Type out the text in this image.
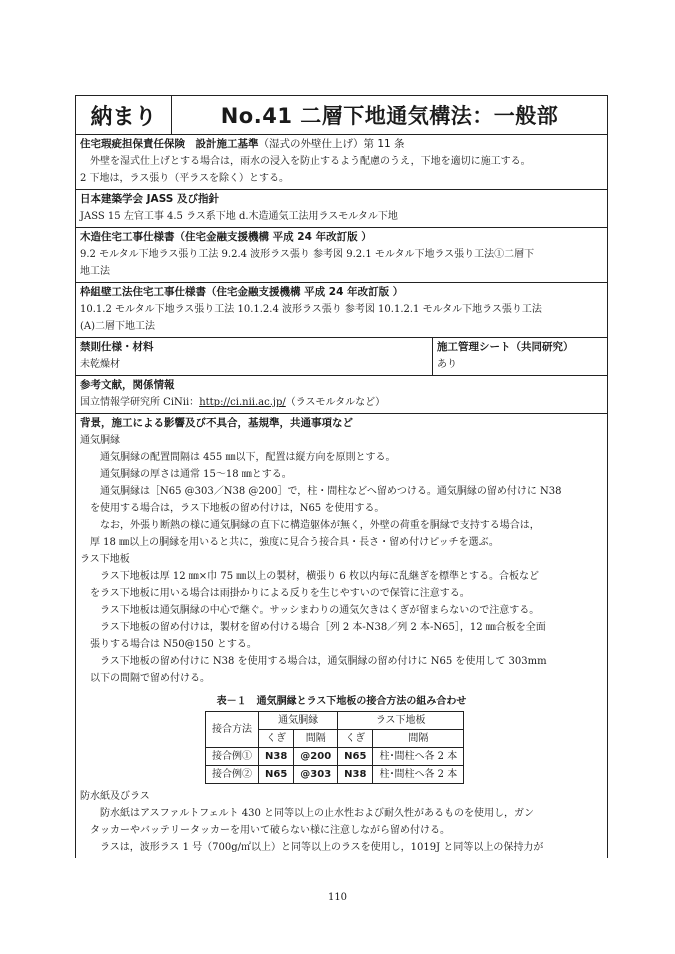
納まり	No.41 二層下地通気構法：一般部
住宅瑕疵担保責任保険　設計施工基準（湿式の外壁仕上げ）第 11 条
外壁を湿式仕上げとする場合は，雨水の浸入を防止するよう配慮のうえ，下地を適切に施工する。
2 下地は，ラス張り（平ラスを除く）とする。
日本建築学会 JASS 及び指針
JASS 15 左官工事 4.5 ラス系下地 d.木造通気工法用ラスモルタル下地
木造住宅工事仕様書（住宅金融支援機構 平成 24 年改訂版 ）
9.2 モルタル下地ラス張り工法 9.2.4 波形ラス張り 参考図 9.2.1 モルタル下地ラス張り工法①二層下
地工法
枠組壁工法住宅工事仕様書（住宅金融支援機構 平成 24 年改訂版 ）
10.1.2 モルタル下地ラス張り工法 10.1.2.4 波形ラス張り 参考図 10.1.2.1 モルタル下地ラス張り工法
(A)二層下地工法
禁則仕様・材料
未乾燥材
施工管理シート（共同研究）
あり
参考文献，関係情報
国立情報学研究所 CiNii：http://ci.nii.ac.jp/（ラスモルタルなど）
背景，施工による影響及び不具合，基規準，共通事項など
通気胴縁
通気胴縁の配置間隔は 455 ㎜以下，配置は縦方向を原則とする。
通気胴縁の厚さは通常 15～18 ㎜とする。
通気胴縁は［N65 @303／N38 @200］で，柱・間柱などへ留めつける。通気胴縁の留め付けに N38
を使用する場合は，ラス下地板の留め付けは，N65 を使用する。
なお，外張り断熱の様に通気胴縁の直下に構造躯体が無く，外壁の荷重を胴縁で支持する場合は，
厚 18 ㎜以上の胴縁を用いると共に，強度に見合う接合具・長さ・留め付けピッチを選ぶ。
ラス下地板
ラス下地板は厚 12 ㎜×巾 75 ㎜以上の製材，横張り 6 枚以内毎に乱継ぎを標準とする。合板など
をラス下地板に用いる場合は雨掛かりによる反りを生じやすいので保管に注意する。
ラス下地板は通気胴縁の中心で継ぐ。サッシまわりの通気欠きはくぎが留まらないので注意する。
ラス下地板の留め付けは，製材を留め付ける場合［列 2 本-N38／列 2 本-N65］，12 ㎜合板を全面
張りする場合は N50@150 とする。
ラス下地板の留め付けに N38 を使用する場合は，通気胴縁の留め付けに N65 を使用して 303mm
以下の間隔で留め付ける。
表－１　通気胴縁とラス下地板の接合方法の組み合わせ
接合方法	通気胴縁		ラス下地板	
	くぎ	間隔	くぎ	間隔
接合例①	N38	@200	N65	柱･間柱へ各 2 本
接合例②	N65	@303	N38	柱･間柱へ各 2 本
防水紙及びラス
防水紙はアスファルトフェルト 430 と同等以上の止水性および耐久性があるものを使用し，ガン
タッカーやバッテリータッカーを用いて破らない様に注意しながら留め付ける。
ラスは，波形ラス 1 号（700g/㎡以上）と同等以上のラスを使用し，1019J と同等以上の保持力が
110
